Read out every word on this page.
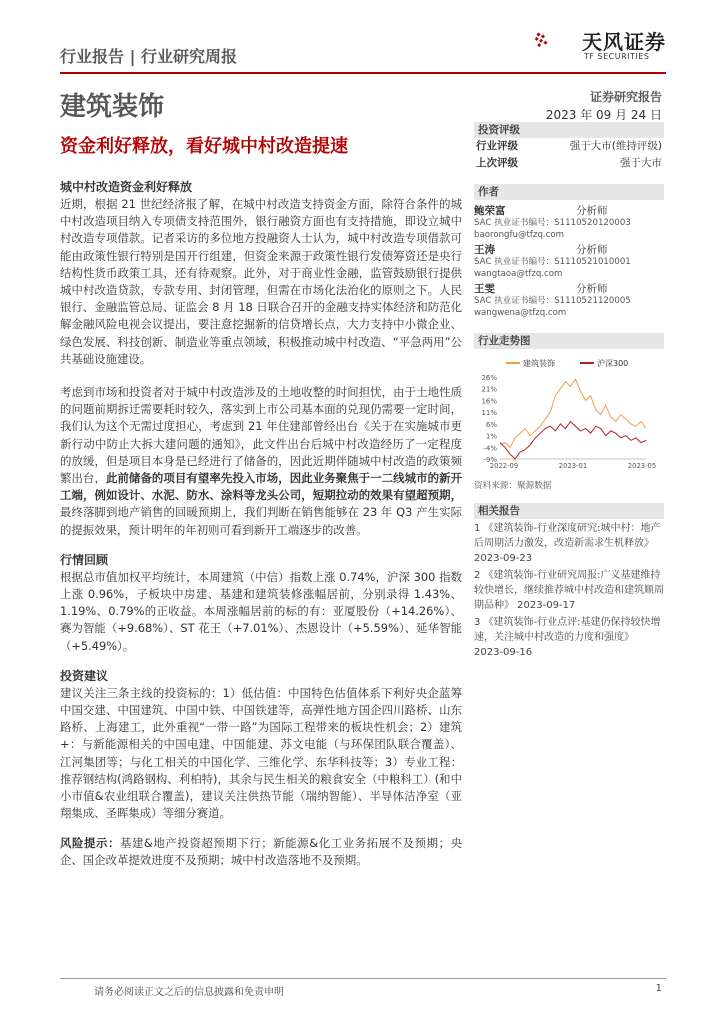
行业报告 | 行业研究周报
天风证券
TF SECURITIES
建筑装饰	证券研究报告
2023 年 09 月 24 日
资金利好释放，看好城中村改造提速
城中村改造资金利好释放
近期，根据 21 世纪经济报了解，在城中村改造支持资金方面，除符合条件的城中村改造项目纳入专项债支持范围外，银行融资方面也有支持措施，即设立城中村改造专项借款。记者采访的多位地方投融资人士认为，城中村改造专项借款可能由政策性银行特别是国开行组建，但资金来源于政策性银行发债筹资还是央行结构性货币政策工具，还有待观察。此外，对于商业性金融，监管鼓励银行提供城中村改造贷款，专款专用、封闭管理，但需在市场化法治化的原则之下。人民银行、金融监管总局、证监会 8 月 18 日联合召开的金融支持实体经济和防范化解金融风险电视会议提出，要注意挖掘新的信贷增长点，大力支持中小微企业、绿色发展、科技创新、制造业等重点领域，积极推动城中村改造、“平急两用”公共基础设施建设。
考虑到市场和投资者对于城中村改造涉及的土地收整的时间担忧，由于土地性质的问题前期拆迁需要耗时较久，落实到上市公司基本面的兑现仍需要一定时间，我们认为这个无需过度担心，考虑到 21 年住建部曾经出台《关于在实施城市更新行动中防止大拆大建问题的通知》，此文件出台后城中村改造经历了一定程度的放缓，但是项目本身是已经进行了储备的，因此近期伴随城中村改造的政策频繁出台，此前储备的项目有望率先投入市场，因此业务聚焦于一二线城市的新开工端，例如设计、水泥、防水、涂料等龙头公司，短期拉动的效果有望超预期，最终落脚到地产销售的回暖预期上，我们判断在销售能够在 23 年 Q3 产生实际的提振效果，预计明年的年初则可看到新开工端逐步的改善。
行情回顾
根据总市值加权平均统计，本周建筑（中信）指数上涨 0.74%，沪深 300 指数上涨 0.96%，子板块中房建、基建和建筑装修涨幅居前，分别录得 1.43%、1.19%、0.79%的正收益。本周涨幅居前的标的有：亚厦股份（+14.26%）、赛为智能（+9.68%）、ST 花王（+7.01%）、杰恩设计（+5.59%）、延华智能（+5.49%）。
投资建议
建议关注三条主线的投资标的：1）低估值：中国特色估值体系下利好央企蓝筹中国交建、中国建筑、中国中铁、中国铁建等，高弹性地方国企四川路桥、山东路桥、上海建工，此外重视“一带一路”为国际工程带来的板块性机会；2）建筑+：与新能源相关的中国电建、中国能建、苏文电能（与环保团队联合覆盖）、江河集团等；与化工相关的中国化学、三维化学、东华科技等；3）专业工程：推荐钢结构(鸿路钢构、利柏特)，其余与民生相关的粮食安全（中粮科工）(和中小市值&农业组联合覆盖)，建议关注供热节能（瑞纳智能）、半导体洁净室（亚翔集成、圣晖集成）等细分赛道。
风险提示：基建&地产投资超预期下行；新能源&化工业务拓展不及预期；央企、国企改革提效进度不及预期；城中村改造落地不及预期。
投资评级
行业评级	强于大市(维持评级)
上次评级	强于大市
作者
鲍荣富	分析师
SAC 执业证书编号：S1110520120003
baorongfu@tfzq.com
王涛	分析师
SAC 执业证书编号：S1110521010001
wangtaoa@tfzq.com
王雯	分析师
SAC 执业证书编号：S1110521120005
wangwena@tfzq.com
行业走势图
建筑装饰	沪深300
26%
21%
16%
11%
6%
1%
-4%
-9%
2022-09	2023-01	2023-05
资料来源：聚源数据
相关报告
1 《建筑装饰-行业深度研究:城中村：地产后周期活力激发，改造新需求生机释放》 2023-09-23
2 《建筑装饰-行业研究周报:广义基建维持较快增长，继续推荐城中村改造和建筑顺周期品种》 2023-09-17
3 《建筑装饰-行业点评:基建仍保持较快增速，关注城中村改造的力度和强度》 2023-09-16
请务必阅读正文之后的信息披露和免责申明	1
